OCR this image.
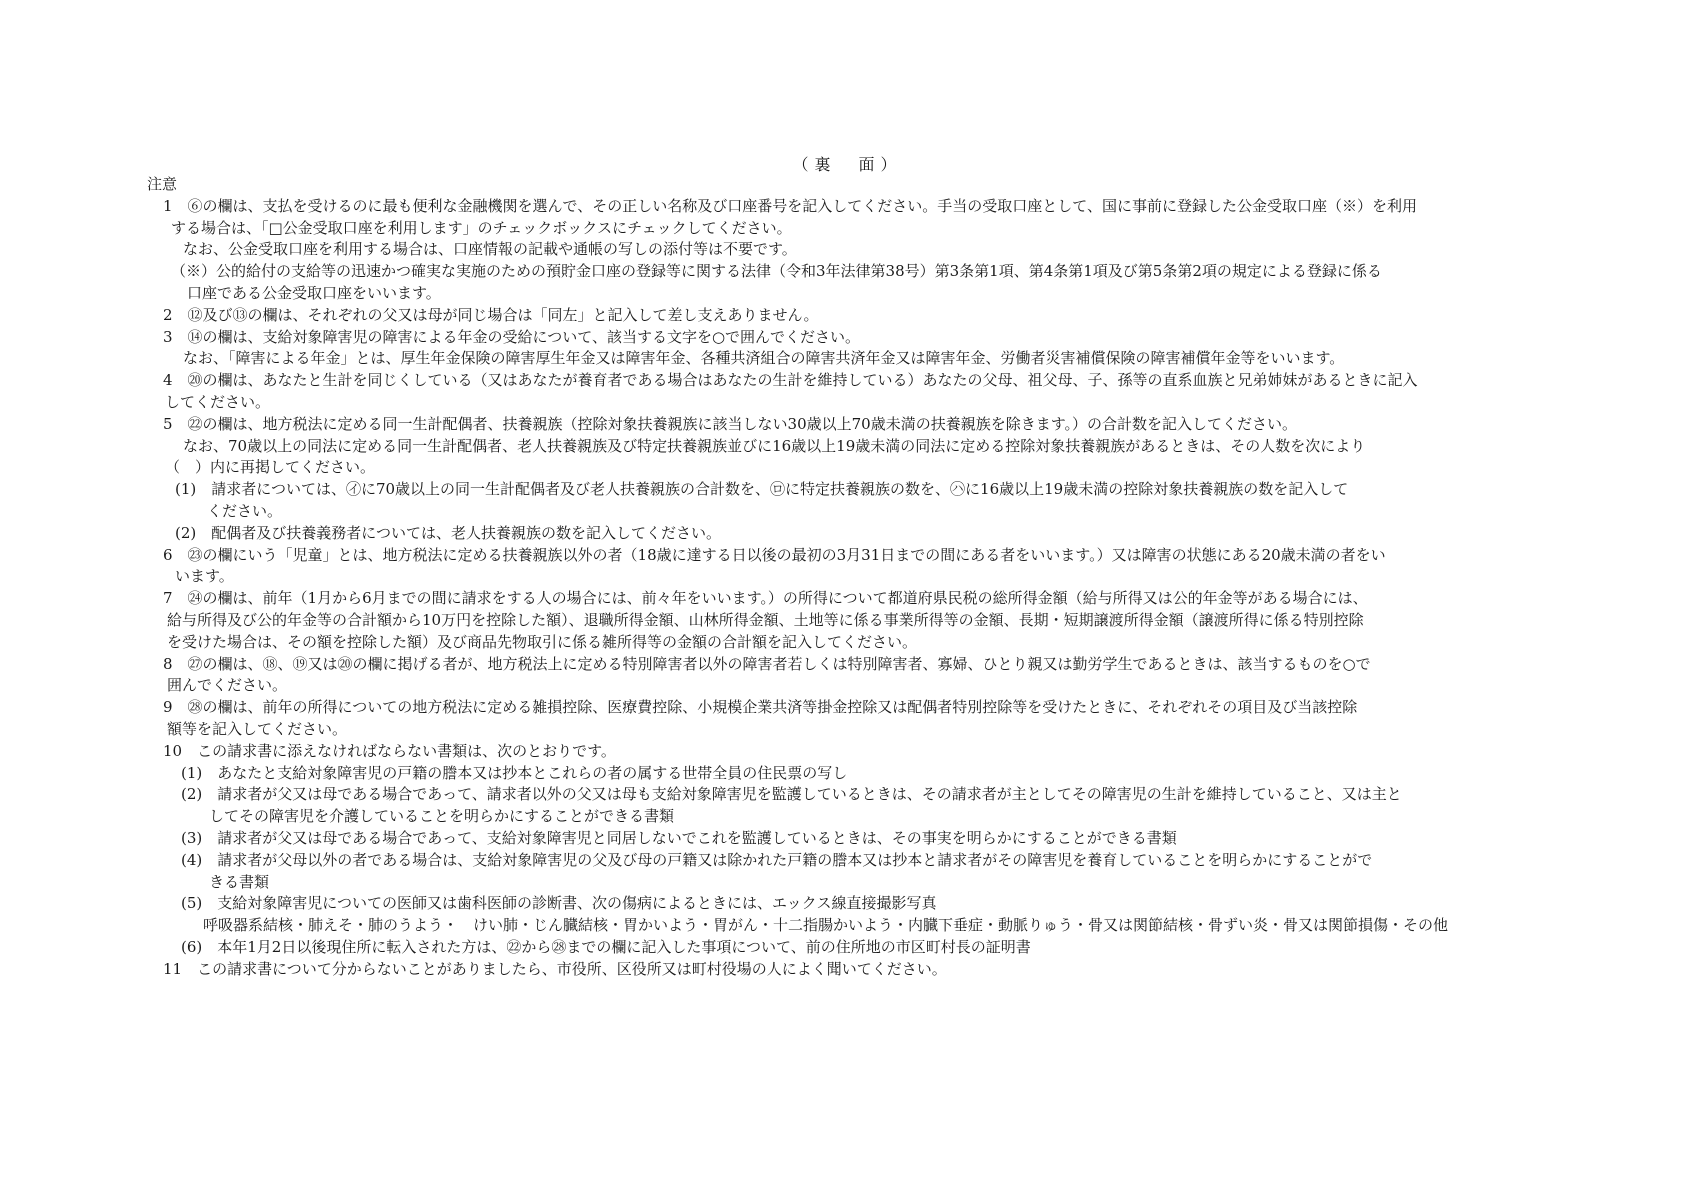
（裏　面）
注意
1　⑥の欄は、支払を受けるのに最も便利な金融機関を選んで、その正しい名称及び口座番号を記入してください。手当の受取口座として、国に事前に登録した公金受取口座（※）を利用
する場合は、「□公金受取口座を利用します」のチェックボックスにチェックしてください。
なお、公金受取口座を利用する場合は、口座情報の記載や通帳の写しの添付等は不要です。
（※）公的給付の支給等の迅速かつ確実な実施のための預貯金口座の登録等に関する法律（令和3年法律第38号）第3条第1項、第4条第1項及び第5条第2項の規定による登録に係る
口座である公金受取口座をいいます。
2　⑫及び⑬の欄は、それぞれの父又は母が同じ場合は「同左」と記入して差し支えありません。
3　⑭の欄は、支給対象障害児の障害による年金の受給について、該当する文字を○で囲んでください。
なお、「障害による年金」とは、厚生年金保険の障害厚生年金又は障害年金、各種共済組合の障害共済年金又は障害年金、労働者災害補償保険の障害補償年金等をいいます。
4　⑳の欄は、あなたと生計を同じくしている（又はあなたが養育者である場合はあなたの生計を維持している）あなたの父母、祖父母、子、孫等の直系血族と兄弟姉妹があるときに記入
してください。
5　㉒の欄は、地方税法に定める同一生計配偶者、扶養親族（控除対象扶養親族に該当しない30歳以上70歳未満の扶養親族を除きます。）の合計数を記入してください。
なお、70歳以上の同法に定める同一生計配偶者、老人扶養親族及び特定扶養親族並びに16歳以上19歳未満の同法に定める控除対象扶養親族があるときは、その人数を次により
（　）内に再掲してください。
(1)　請求者については、㋑に70歳以上の同一生計配偶者及び老人扶養親族の合計数を、㋺に特定扶養親族の数を、㋩に16歳以上19歳未満の控除対象扶養親族の数を記入して
ください。
(2)　配偶者及び扶養義務者については、老人扶養親族の数を記入してください。
6　㉓の欄にいう「児童」とは、地方税法に定める扶養親族以外の者（18歳に達する日以後の最初の3月31日までの間にある者をいいます。）又は障害の状態にある20歳未満の者をい
います。
7　㉔の欄は、前年（1月から6月までの間に請求をする人の場合には、前々年をいいます。）の所得について都道府県民税の総所得金額（給与所得又は公的年金等がある場合には、
給与所得及び公的年金等の合計額から10万円を控除した額）、退職所得金額、山林所得金額、土地等に係る事業所得等の金額、長期・短期譲渡所得金額（譲渡所得に係る特別控除
を受けた場合は、その額を控除した額）及び商品先物取引に係る雑所得等の金額の合計額を記入してください。
8　㉗の欄は、⑱、⑲又は⑳の欄に掲げる者が、地方税法上に定める特別障害者以外の障害者若しくは特別障害者、寡婦、ひとり親又は勤労学生であるときは、該当するものを○で
囲んでください。
9　㉘の欄は、前年の所得についての地方税法に定める雑損控除、医療費控除、小規模企業共済等掛金控除又は配偶者特別控除等を受けたときに、それぞれその項目及び当該控除
額等を記入してください。
10　この請求書に添えなければならない書類は、次のとおりです。
(1)　あなたと支給対象障害児の戸籍の謄本又は抄本とこれらの者の属する世帯全員の住民票の写し
(2)　請求者が父又は母である場合であって、請求者以外の父又は母も支給対象障害児を監護しているときは、その請求者が主としてその障害児の生計を維持していること、又は主と
してその障害児を介護していることを明らかにすることができる書類
(3)　請求者が父又は母である場合であって、支給対象障害児と同居しないでこれを監護しているときは、その事実を明らかにすることができる書類
(4)　請求者が父母以外の者である場合は、支給対象障害児の父及び母の戸籍又は除かれた戸籍の謄本又は抄本と請求者がその障害児を養育していることを明らかにすることがで
きる書類
(5)　支給対象障害児についての医師又は歯科医師の診断書、次の傷病によるときには、エックス線直接撮影写真
呼吸器系結核・肺えそ・肺のうよう・　けい肺・じん臓結核・胃かいよう・胃がん・十二指腸かいよう・内臓下垂症・動脈りゅう・骨又は関節結核・骨ずい炎・骨又は関節損傷・その他
(6)　本年1月2日以後現住所に転入された方は、㉒から㉘までの欄に記入した事項について、前の住所地の市区町村長の証明書
11　この請求書について分からないことがありましたら、市役所、区役所又は町村役場の人によく聞いてください。
